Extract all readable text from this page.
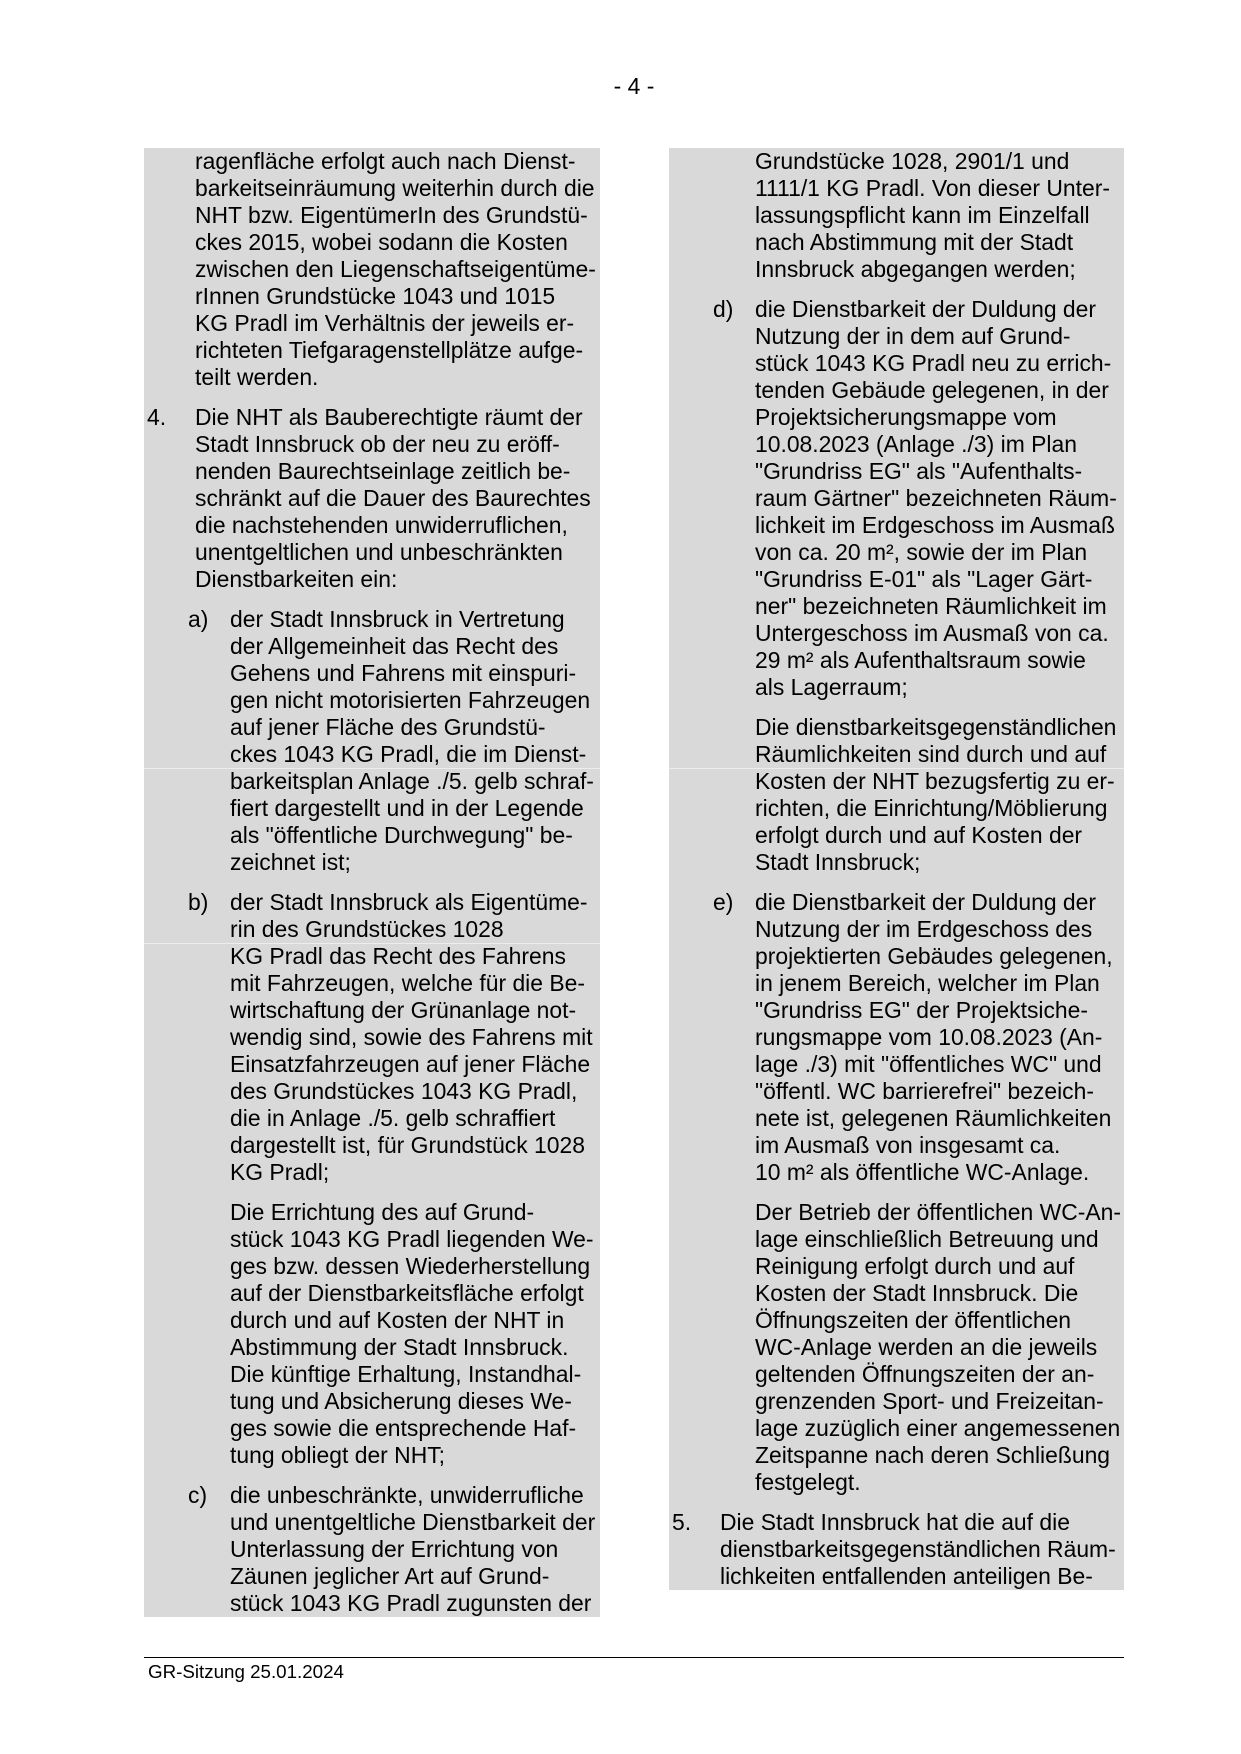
- 4 -
ragenfläche erfolgt auch nach Dienst-
barkeitseinräumung weiterhin durch die
NHT bzw. EigentümerIn des Grundstü-
ckes 2015, wobei sodann die Kosten
zwischen den Liegenschaftseigentüme-
rInnen Grundstücke 1043 und 1015
KG Pradl im Verhältnis der jeweils er-
richteten Tiefgaragenstellplätze aufge-
teilt werden.
4. Die NHT als Bauberechtigte räumt der
Stadt Innsbruck ob der neu zu eröff-
nenden Baurechtseinlage zeitlich be-
schränkt auf die Dauer des Baurechtes
die nachstehenden unwiderruflichen,
unentgeltlichen und unbeschränkten
Dienstbarkeiten ein:
a) der Stadt Innsbruck in Vertretung
der Allgemeinheit das Recht des
Gehens und Fahrens mit einspuri-
gen nicht motorisierten Fahrzeugen
auf jener Fläche des Grundstü-
ckes 1043 KG Pradl, die im Dienst-
barkeitsplan Anlage ./5. gelb schraf-
fiert dargestellt und in der Legende
als "öffentliche Durchwegung" be-
zeichnet ist;
b) der Stadt Innsbruck als Eigentüme-
rin des Grundstückes 1028
KG Pradl das Recht des Fahrens
mit Fahrzeugen, welche für die Be-
wirtschaftung der Grünanlage not-
wendig sind, sowie des Fahrens mit
Einsatzfahrzeugen auf jener Fläche
des Grundstückes 1043 KG Pradl,
die in Anlage ./5. gelb schraffiert
dargestellt ist, für Grundstück 1028
KG Pradl;
Die Errichtung des auf Grund-
stück 1043 KG Pradl liegenden We-
ges bzw. dessen Wiederherstellung
auf der Dienstbarkeitsfläche erfolgt
durch und auf Kosten der NHT in
Abstimmung der Stadt Innsbruck.
Die künftige Erhaltung, Instandhal-
tung und Absicherung dieses We-
ges sowie die entsprechende Haf-
tung obliegt der NHT;
c) die unbeschränkte, unwiderrufliche
und unentgeltliche Dienstbarkeit der
Unterlassung der Errichtung von
Zäunen jeglicher Art auf Grund-
stück 1043 KG Pradl zugunsten der
Grundstücke 1028, 2901/1 und
1111/1 KG Pradl. Von dieser Unter-
lassungspflicht kann im Einzelfall
nach Abstimmung mit der Stadt
Innsbruck abgegangen werden;
d) die Dienstbarkeit der Duldung der
Nutzung der in dem auf Grund-
stück 1043 KG Pradl neu zu errich-
tenden Gebäude gelegenen, in der
Projektsicherungsmappe vom
10.08.2023 (Anlage ./3) im Plan
"Grundriss EG" als "Aufenthalts-
raum Gärtner" bezeichneten Räum-
lichkeit im Erdgeschoss im Ausmaß
von ca. 20 m², sowie der im Plan
"Grundriss E-01" als "Lager Gärt-
ner" bezeichneten Räumlichkeit im
Untergeschoss im Ausmaß von ca.
29 m² als Aufenthaltsraum sowie
als Lagerraum;
Die dienstbarkeitsgegenständlichen
Räumlichkeiten sind durch und auf
Kosten der NHT bezugsfertig zu er-
richten, die Einrichtung/Möblierung
erfolgt durch und auf Kosten der
Stadt Innsbruck;
e) die Dienstbarkeit der Duldung der
Nutzung der im Erdgeschoss des
projektierten Gebäudes gelegenen,
in jenem Bereich, welcher im Plan
"Grundriss EG" der Projektsiche-
rungsmappe vom 10.08.2023 (An-
lage ./3) mit "öffentliches WC" und
"öffentl. WC barrierefrei" bezeich-
nete ist, gelegenen Räumlichkeiten
im Ausmaß von insgesamt ca.
10 m² als öffentliche WC-Anlage.
Der Betrieb der öffentlichen WC-An-
lage einschließlich Betreuung und
Reinigung erfolgt durch und auf
Kosten der Stadt Innsbruck. Die
Öffnungszeiten der öffentlichen
WC-Anlage werden an die jeweils
geltenden Öffnungszeiten der an-
grenzenden Sport- und Freizeitan-
lage zuzüglich einer angemessenen
Zeitspanne nach deren Schließung
festgelegt.
5. Die Stadt Innsbruck hat die auf die
dienstbarkeitsgegenständlichen Räum-
lichkeiten entfallenden anteiligen Be-
GR-Sitzung 25.01.2024
